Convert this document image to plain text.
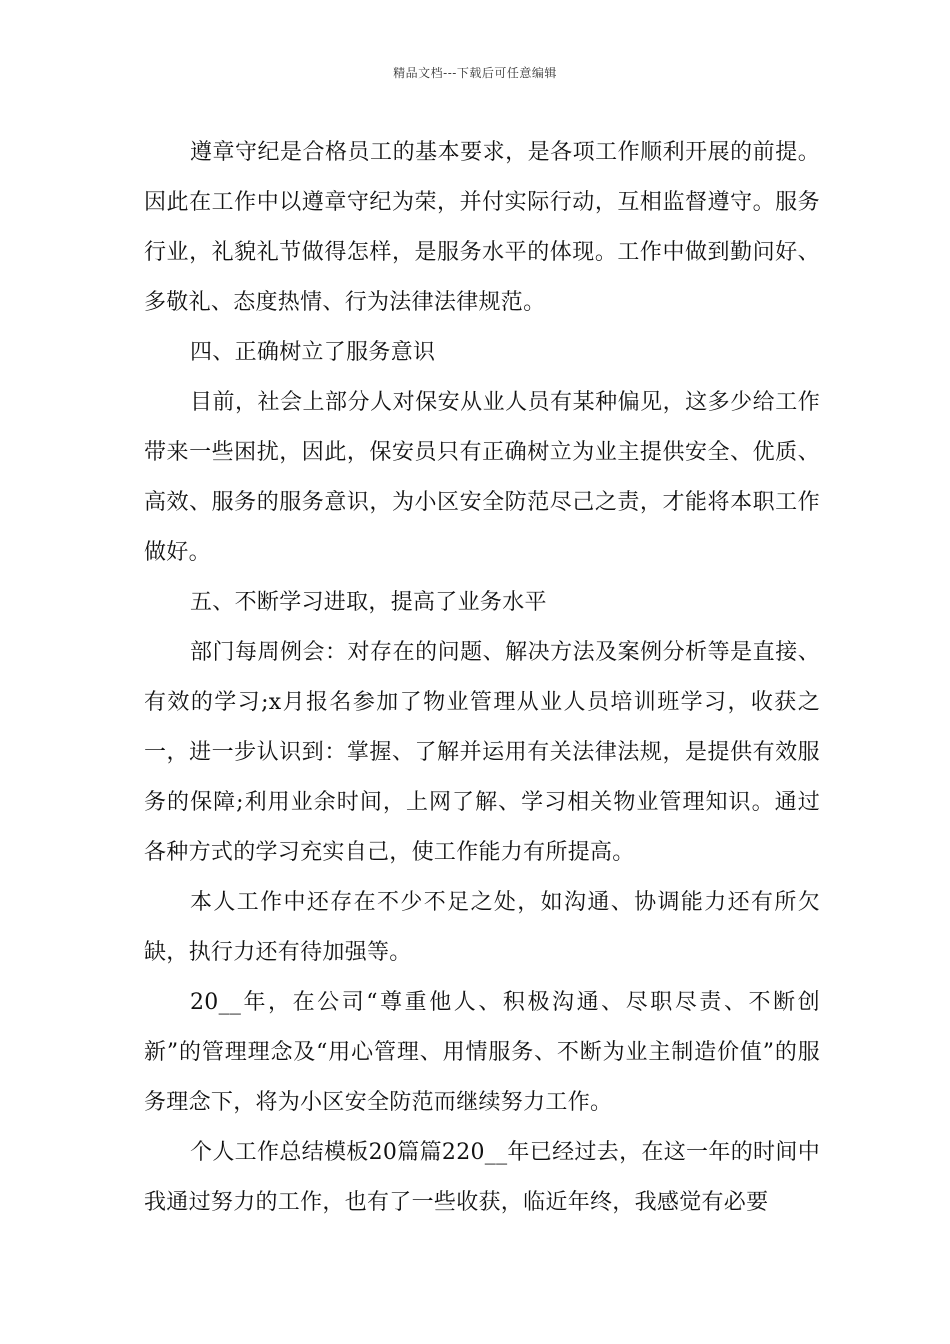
精品文档---下载后可任意编辑

遵章守纪是合格员工的基本要求，是各项工作顺利开展的前提。因此在工作中以遵章守纪为荣，并付实际行动，互相监督遵守。服务行业，礼貌礼节做得怎样，是服务水平的体现。工作中做到勤问好、多敬礼、态度热情、行为法律法律规范。

四、正确树立了服务意识

目前，社会上部分人对保安从业人员有某种偏见，这多少给工作带来一些困扰，因此，保安员只有正确树立为业主提供安全、优质、高效、服务的服务意识，为小区安全防范尽己之责，才能将本职工作做好。

五、不断学习进取，提高了业务水平

部门每周例会：对存在的问题、解决方法及案例分析等是直接、有效的学习;x月报名参加了物业管理从业人员培训班学习，收获之一，进一步认识到：掌握、了解并运用有关法律法规，是提供有效服务的保障;利用业余时间，上网了解、学习相关物业管理知识。通过各种方式的学习充实自己，使工作能力有所提高。

本人工作中还存在不少不足之处，如沟通、协调能力还有所欠缺，执行力还有待加强等。

20__年，在公司“尊重他人、积极沟通、尽职尽责、不断创新”的管理理念及“用心管理、用情服务、不断为业主制造价值”的服务理念下，将为小区安全防范而继续努力工作。

个人工作总结模板20篇篇220__年已经过去，在这一年的时间中我通过努力的工作，也有了一些收获，临近年终，我感觉有必要
